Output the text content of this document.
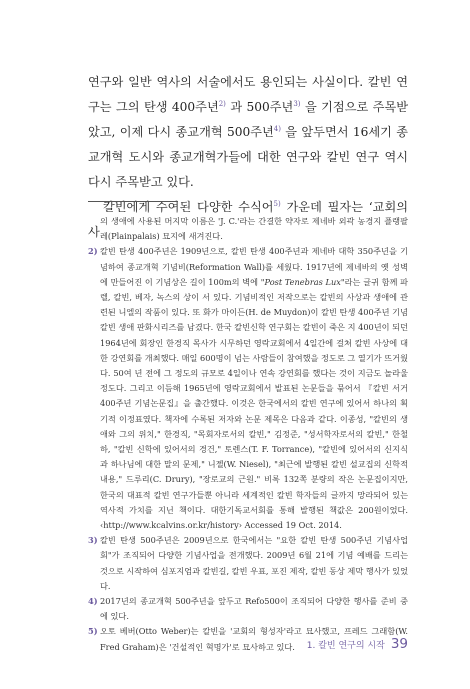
연구와 일반 역사의 서술에서도 용인되는 사실이다. 칼빈 연구는 그의 탄생 400주년$^{2)}$ 과 500주년$^{3)}$ 을 기점으로 주목받았고, 이제 다시 종교개혁 500주년$^{4)}$ 을 앞두면서 16세기 종교개혁 도시와 종교개혁가들에 대한 연구와 칼빈 연구 역시 다시 주목받고 있다.

칼빈에게 수여된 다양한 수식어$^{5)}$ 가운데 필자는 ‘교회의 사

의 생애에 사용된 머지막 이름은 'J. C.'라는 간결한 약자로 제네바 외곽 농경지 플랭팔레(Plainpalais) 묘지에 새겨진다.

2) 칼빈 탄생 400주년은 1909년으로, 칼빈 탄생 400주년과 제네바 대학 350주년을 기념하여 종교개혁 기념비(Reformation Wall)를 세웠다. 1917년에 제네바의 옛 성벽에 만들어진 이 기념상은 길이 100m의 벽에 "Post Tenebras Lux"라는 글귀 함께 파렐, 칼빈, 베자, 녹스의 상이 서 있다. 기념비적인 저작으로는 칼빈의 사상과 생애에 관련된 니엘의 작품이 있다. 또 화가 마이든(H. de Muydon)이 칼빈 탄생 400주년 기념 칼빈 생애 판화시리즈를 남겼다. 한국 칼빈신학 연구회는 칼빈이 죽은 지 400년이 되던 1964년에 회장인 한경직 목사가 시무하던 영락교회에서 4일간에 걸쳐 칼빈 사상에 대한 강연회를 개최했다. 매일 600명이 넘는 사람들이 참여했을 정도로 그 열기가 뜨거웠다. 50여 년 전에 그 정도의 규모로 4일이나 연속 강연회를 했다는 것이 지금도 놀라울 정도다. 그리고 이듬해 1965년에 영락교회에서 발표된 논문들을 묶어서 『칼빈 서거 400주년 기념논문집』을 출간했다. 이것은 한국에서의 칼빈 연구에 있어서 하나의 획기적 이정표였다. 책자에 수록된 저자와 논문 제목은 다음과 같다. 이종성, "칼빈의 생애와 그의 위치," 한경직, "목회자로서의 칼빈," 김정준, "성서학자로서의 칼빈," 한철하, "칼빈 신학에 있어서의 경건," 토렌스(T. F. Torrance), "칼빈에 있어서의 신지식과 하나님에 대한 말의 문제," 니젤(W. Niesel), "최근에 발행된 칼빈 설교집의 신학적 내용," 드루리(C. Drury), "장로교의 근원." 비록 132쪽 분량의 작은 논문집이지만, 한국의 대표적 칼빈 연구가들뿐 아니라 세계적인 칼빈 학자들의 글까지 망라되어 있는 역사적 가치를 지닌 책이다. 대한기독교서회를 통해 발행된 책값은 200원이었다. ‹http://www.kcalvins.or.kr/history› Accessed 19 Oct. 2014.

3) 칼빈 탄생 500주년은 2009년으로 한국에서는 "요한 칼빈 탄생 500주년 기념사업회"가 조직되어 다양한 기념사업을 전개했다. 2009년 6월 21에 기념 예배를 드리는 것으로 시작하여 심포지엄과 칼빈길, 칼빈 우표, 포진 제작, 칼빈 동상 제막 행사가 있었다.

4) 2017년의 종교개혁 500주년을 앞두고 Refo500이 조직되어 다양한 행사를 준비 중에 있다.

5) 오토 베버(Otto Weber)는 칼빈을 '교회의 형성자'라고 묘사했고, 프레드 그래함(W. Fred Graham)은 '건설적인 혁명가'로 묘사하고 있다.	1. 칼빈 연구의 시작 39
